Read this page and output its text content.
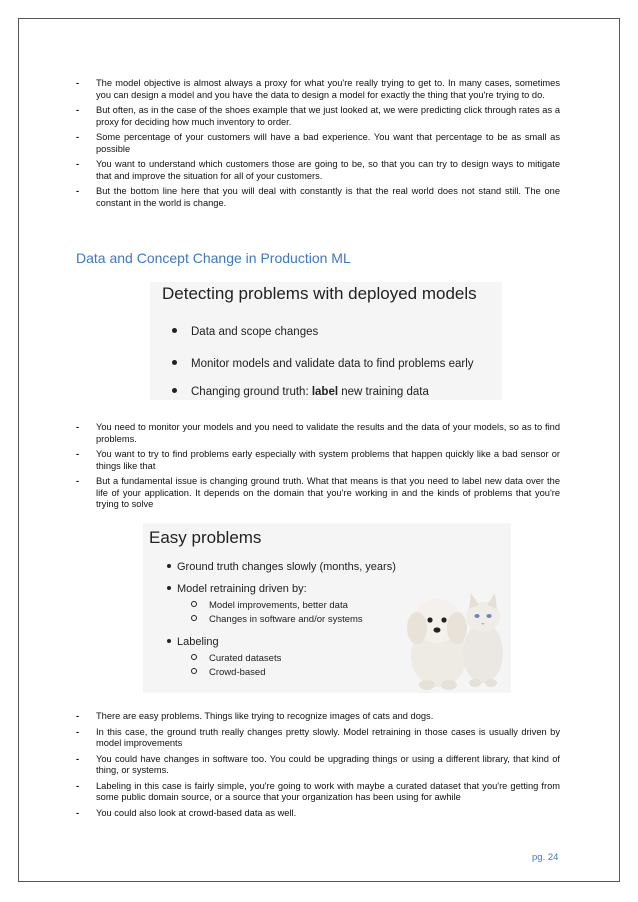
- The model objective is almost always a proxy for what you're really trying to get to. In many cases, sometimes you can design a model and you have the data to design a model for exactly the thing that you're trying to do.
- But often, as in the case of the shoes example that we just looked at, we were predicting click through rates as a proxy for deciding how much inventory to order.
- Some percentage of your customers will have a bad experience. You want that percentage to be as small as possible
- You want to understand which customers those are going to be, so that you can try to design ways to mitigate that and improve the situation for all of your customers.
- But the bottom line here that you will deal with constantly is that the real world does not stand still. The one constant in the world is change.
Data and Concept Change in Production ML
Detecting problems with deployed models
Data and scope changes
Monitor models and validate data to find problems early
Changing ground truth: label new training data
- You need to monitor your models and you need to validate the results and the data of your models, so as to find problems.
- You want to try to find problems early especially with system problems that happen quickly like a bad sensor or things like that
- But a fundamental issue is changing ground truth. What that means is that you need to label new data over the life of your application. It depends on the domain that you're working in and the kinds of problems that you're trying to solve
Easy problems
Ground truth changes slowly (months, years)
Model retraining driven by:
Model improvements, better data
Changes in software and/or systems
Labeling
Curated datasets
Crowd-based
- There are easy problems. Things like trying to recognize images of cats and dogs.
- In this case, the ground truth really changes pretty slowly. Model retraining in those cases is usually driven by model improvements
- You could have changes in software too. You could be upgrading things or using a different library, that kind of thing, or systems.
- Labeling in this case is fairly simple, you're going to work with maybe a curated dataset that you're getting from some public domain source, or a source that your organization has been using for awhile
- You could also look at crowd-based data as well.
pg. 24
